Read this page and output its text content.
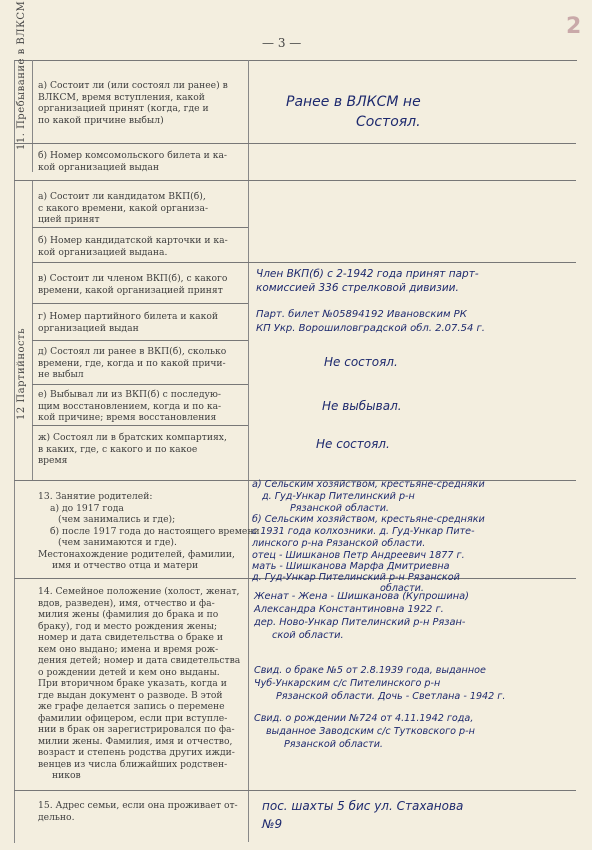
— 3 —
2
11. Пребывание в ВЛКСМ
12 Партийность

а) Состоит ли (или состоял ли ранее) в

ВЛКСМ, время вступления, какой

организацией принят (когда, где и

по какой причине выбыл)

б) Номер комсомольского билета и ка-

кой организацией выдан

а) Состоит ли кандидатом ВКП(б),

с какого времени, какой организа-

цией принят

б) Номер кандидатской карточки и ка-

кой организацией выдана.

в) Состоит ли членом ВКП(б), с какого

времени, какой организацией принят

г) Номер партийного билета и какой

организацией выдан

д) Состоял ли ранее в ВКП(б), сколько

времени, где, когда и по какой причи-

не выбыл

е) Выбывал ли из ВКП(б) с последую-

щим восстановлением, когда и по ка-

кой причине; время восстановления

ж) Состоял ли в братских компартиях,

в каких, где, с какого и по какое

время

13. Занятие родителей:

а) до 1917 года

(чем занимались и где);

б) после 1917 года до настоящего времени

(чем занимаются и где).

Местонахождение родителей, фамилии,

имя и отчество отца и матери

14. Семейное положение (холост, женат,

вдов, разведен), имя, отчество и фа-

милия жены (фамилия до брака и по

браку), год и место рождения жены;

номер и дата свидетельства о браке и

кем оно выдано; имена и время рож-

дения детей; номер и дата свидетельства

о рождении детей и кем оно выданы.

При вторичном браке указать, когда и

где выдан документ о разводе. В этой

же графе делается запись о перемене

фамилии офицером, если при вступле-

нии в брак он зарегистрировался по фа-

милии жены. Фамилия, имя и отчество,

возраст и степень родства других ижди-

венцев из числа ближайших родствен-

ников

15. Адрес семьи, если она проживает от-

дельно.

Ранее в ВЛКСМ не
Состоял.
Член ВКП(б) с 2-1942 года принят парт-
комиссией 336 стрелковой дивизии.
Парт. билет №05894192 Ивановским РК
КП Укр. Ворошиловградской обл. 2.07.54 г.
Не состоял.
Не выбывал.
Не состоял.
а) Сельским хозяйством, крестьяне-средняки
д. Гуд-Ункар Пителинский р-н
Рязанской области.
б) Сельским хозяйством, крестьяне-средняки
с 1931 года колхозники. д. Гуд-Ункар Пите-
линского р-на Рязанской области.
отец - Шишканов Петр Андреевич 1877 г.
мать - Шишканова Марфа Дмитриевна
д. Гуд-Ункар Пителинский р-н Рязанской
области.
Женат - Жена - Шишканова (Купрошина)
Александра Константиновна 1922 г.
дер. Ново-Ункар Пителинский р-н Рязан-
ской области.
Свид. о браке №5 от 2.8.1939 года, выданное
Чуб-Ункарским с/с Пителинского р-н
Рязанской области. Дочь - Светлана - 1942 г.
Свид. о рождении №724 от 4.11.1942 года,
выданное Заводским с/с Тутковского р-н
Рязанской области.
пос. шахты 5 бис ул. Стаханова
№9
